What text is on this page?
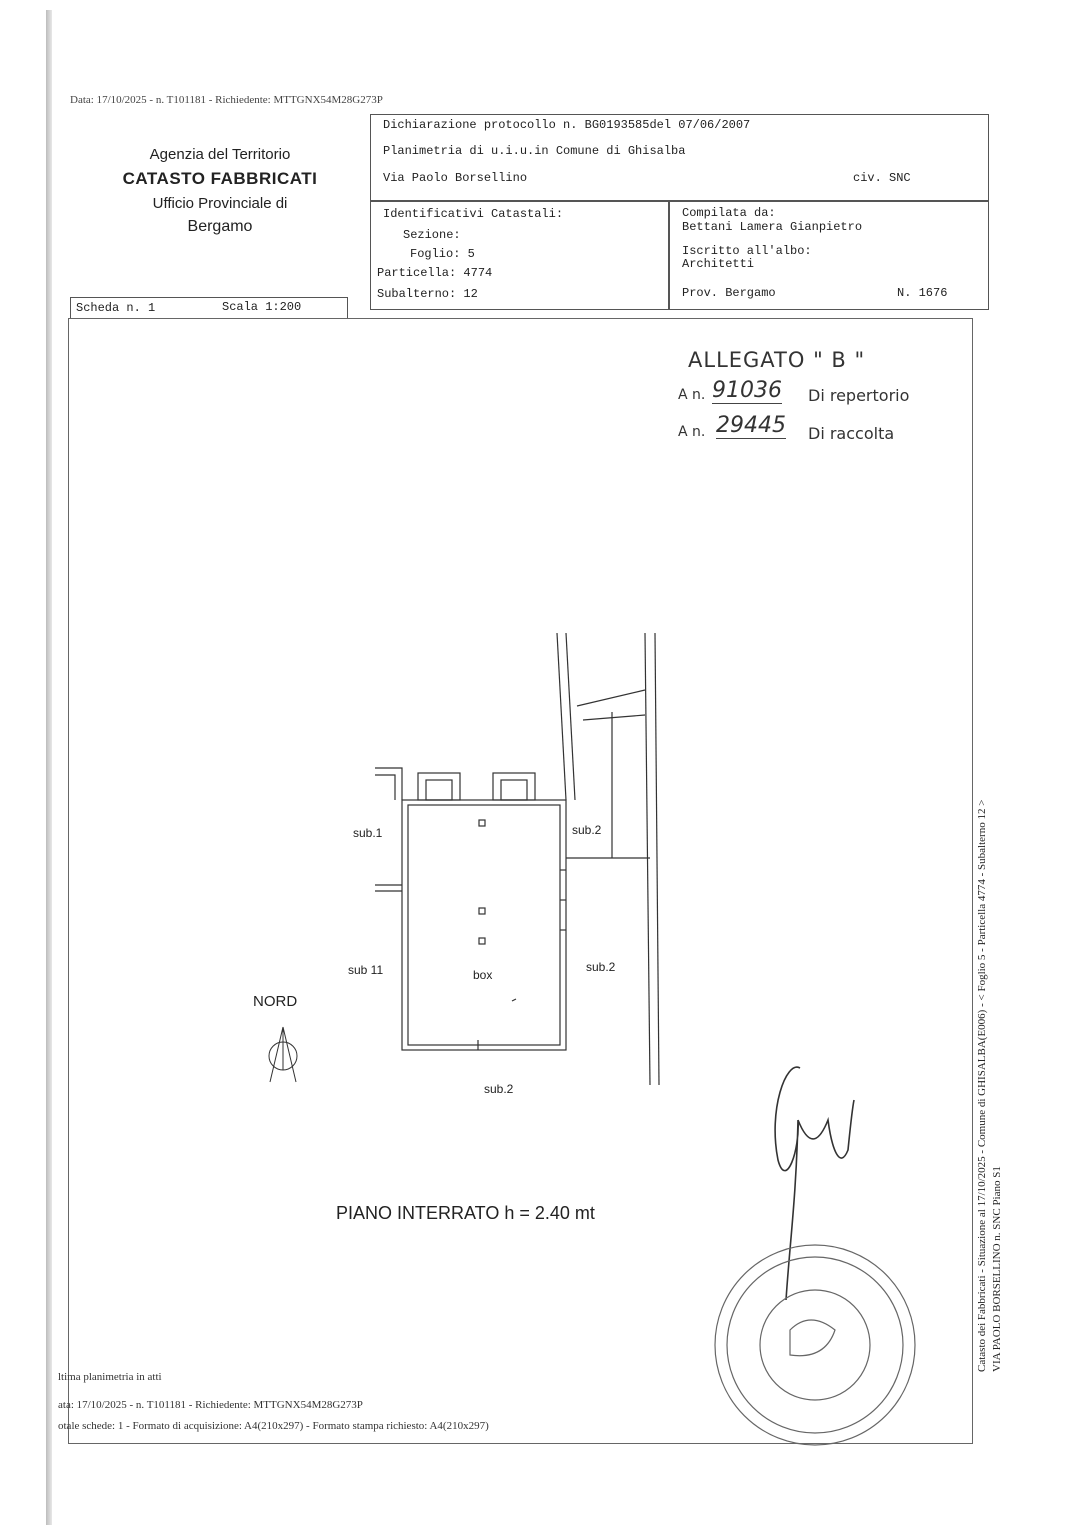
Data: 17/10/2025 - n. T101181 - Richiedente: MTTGNX54M28G273P
Agenzia del Territorio
CATASTO FABBRICATI
Ufficio Provinciale di
Bergamo
Dichiarazione protocollo n. BG0193585del 07/06/2007
Planimetria di u.i.u.in Comune di Ghisalba
Via Paolo Borsellino	civ. SNC
Identificativi Catastali:
Sezione:
Foglio: 5
Particella: 4774
Subalterno: 12
Compilata da:
Bettani Lamera Gianpietro
Iscritto all'albo:
Architetti
Prov. Bergamo	N. 1676
Scheda n. 1	Scala 1:200
ALLEGATO " B "
A n. 91036 Di repertorio
A n. 29445 Di raccolta
sub.1	sub.2
sub 11	box
sub.2
sub.2
NORD
PIANO INTERRATO h = 2.40 mt
ltima planimetria in atti
ata: 17/10/2025 - n. T101181 - Richiedente: MTTGNX54M28G273P
otale schede: 1 - Formato di acquisizione: A4(210x297) - Formato stampa richiesto: A4(210x297)
Catasto dei Fabbricati - Situazione al 17/10/2025 - Comune di GHISALBA(E006) - < Foglio 5 - Particella 4774 - Subalterno 12 > VIA PAOLO BORSELLINO n. SNC Piano S1
